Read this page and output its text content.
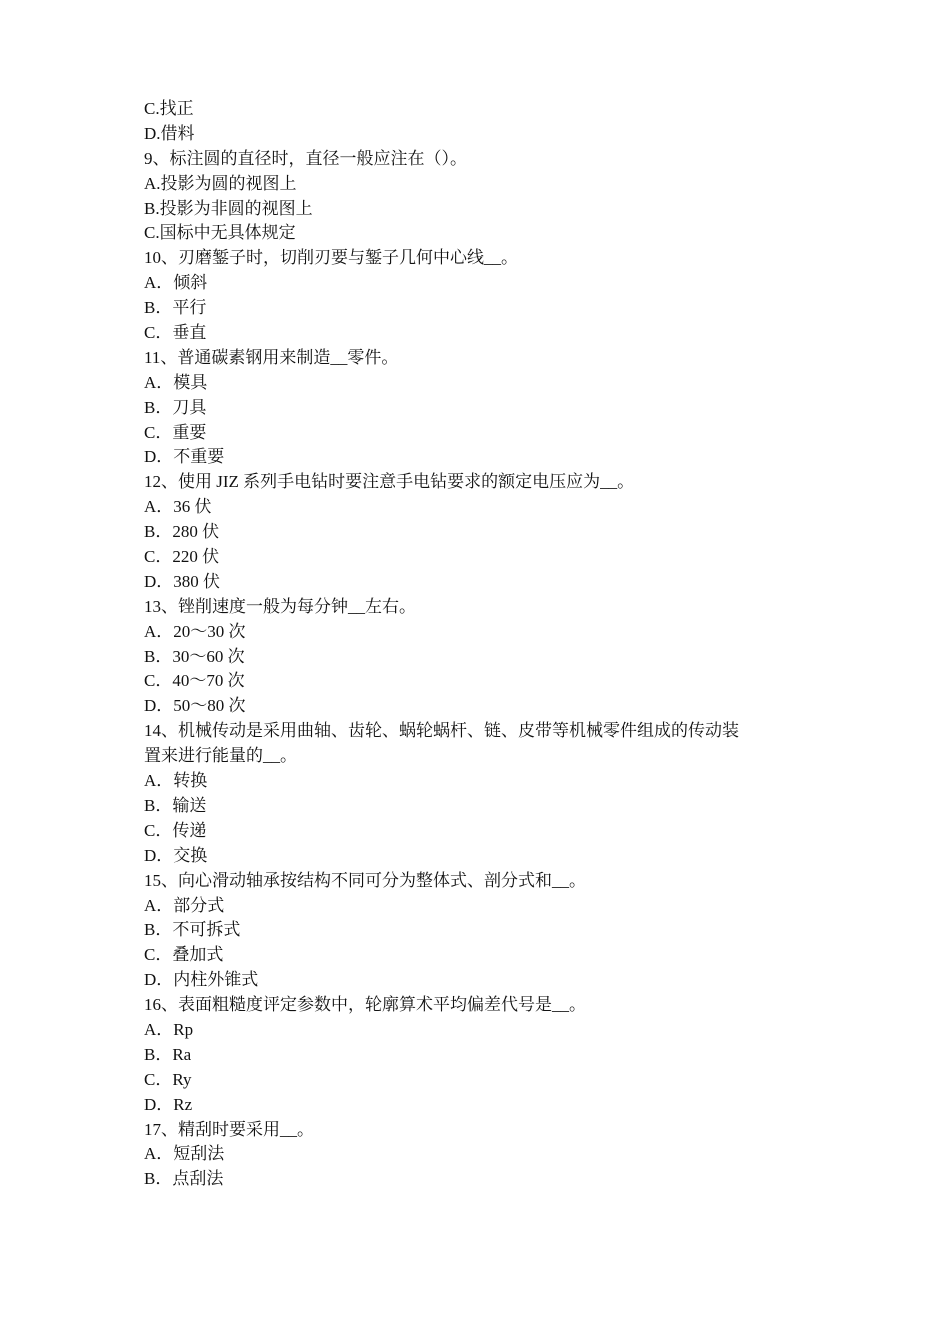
C.找正
D.借料
9、标注圆的直径时，直径一般应注在（）。
A.投影为圆的视图上
B.投影为非圆的视图上
C.国标中无具体规定
10、刃磨錾子时，切削刃要与錾子几何中心线__。
A．倾斜
B．平行
C．垂直
11、普通碳素钢用来制造__零件。
A．模具
B．刀具
C．重要
D．不重要
12、使用 JIZ 系列手电钻时要注意手电钻要求的额定电压应为__。
A．36 伏
B．280 伏
C．220 伏
D．380 伏
13、锉削速度一般为每分钟__左右。
A．20～30 次
B．30～60 次
C．40～70 次
D．50～80 次
14、机械传动是采用曲轴、齿轮、蜗轮蜗杆、链、皮带等机械零件组成的传动装
置来进行能量的__。
A．转换
B．输送
C．传递
D．交换
15、向心滑动轴承按结构不同可分为整体式、剖分式和__。
A．部分式
B．不可拆式
C．叠加式
D．内柱外锥式
16、表面粗糙度评定参数中，轮廓算术平均偏差代号是__。
A．Rp
B．Ra
C．Ry
D．Rz
17、精刮时要采用__。
A．短刮法
B．点刮法
